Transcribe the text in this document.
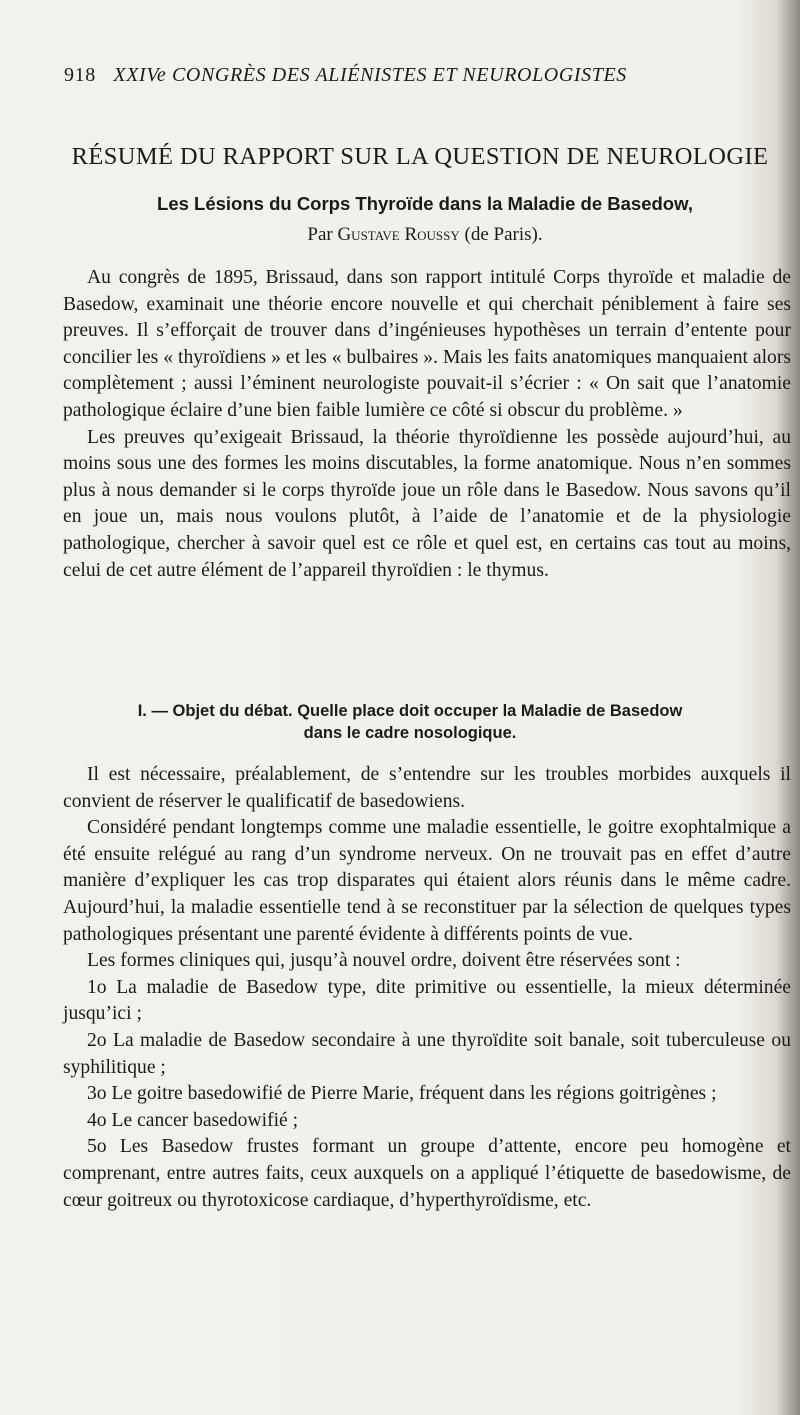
918 XXIVe CONGRÈS DES ALIÉNISTES ET NEUROLOGISTES
RÉSUMÉ DU RAPPORT SUR LA QUESTION DE NEUROLOGIE
Les Lésions du Corps Thyroïde dans la Maladie de Basedow,
Par Gustave Roussy (de Paris).

Au congrès de 1895, Brissaud, dans son rapport intitulé Corps thyroïde et maladie de Basedow, examinait une théorie encore nouvelle et qui cherchait péniblement à faire ses preuves. Il s’efforçait de trouver dans d’ingénieuses hypothèses un terrain d’entente pour concilier les « thyroïdiens » et les « bulbaires ». Mais les faits anatomiques manquaient alors complètement ; aussi l’éminent neurologiste pouvait-il s’écrier : « On sait que l’anatomie pathologique éclaire d’une bien faible lumière ce côté si obscur du problème. »

Les preuves qu’exigeait Brissaud, la théorie thyroïdienne les possède aujourd’hui, au moins sous une des formes les moins discutables, la forme anatomique. Nous n’en sommes plus à nous demander si le corps thyroïde joue un rôle dans le Basedow. Nous savons qu’il en joue un, mais nous voulons plutôt, à l’aide de l’anatomie et de la physiologie pathologique, chercher à savoir quel est ce rôle et quel est, en certains cas tout au moins, celui de cet autre élément de l’appareil thyroïdien : le thymus.

I. — Objet du débat. Quelle place doit occuper la Maladie de Basedow
dans le cadre nosologique.

Il est nécessaire, préalablement, de s’entendre sur les troubles morbides auxquels il convient de réserver le qualificatif de basedowiens.

Considéré pendant longtemps comme une maladie essentielle, le goitre exophtalmique a été ensuite relégué au rang d’un syndrome nerveux. On ne trouvait pas en effet d’autre manière d’expliquer les cas trop disparates qui étaient alors réunis dans le même cadre. Aujourd’hui, la maladie essentielle tend à se reconstituer par la sélection de quelques types pathologiques présentant une parenté évidente à différents points de vue.

Les formes cliniques qui, jusqu’à nouvel ordre, doivent être réservées sont :

1o La maladie de Basedow type, dite primitive ou essentielle, la mieux déterminée jusqu’ici ;

2o La maladie de Basedow secondaire à une thyroïdite soit banale, soit tuberculeuse ou syphilitique ;

3o Le goitre basedowifié de Pierre Marie, fréquent dans les régions goitrigènes ;

4o Le cancer basedowifié ;

5o Les Basedow frustes formant un groupe d’attente, encore peu homogène et comprenant, entre autres faits, ceux auxquels on a appliqué l’étiquette de basedowisme, de cœur goitreux ou thyrotoxicose cardiaque, d’hyperthyroïdisme, etc.
